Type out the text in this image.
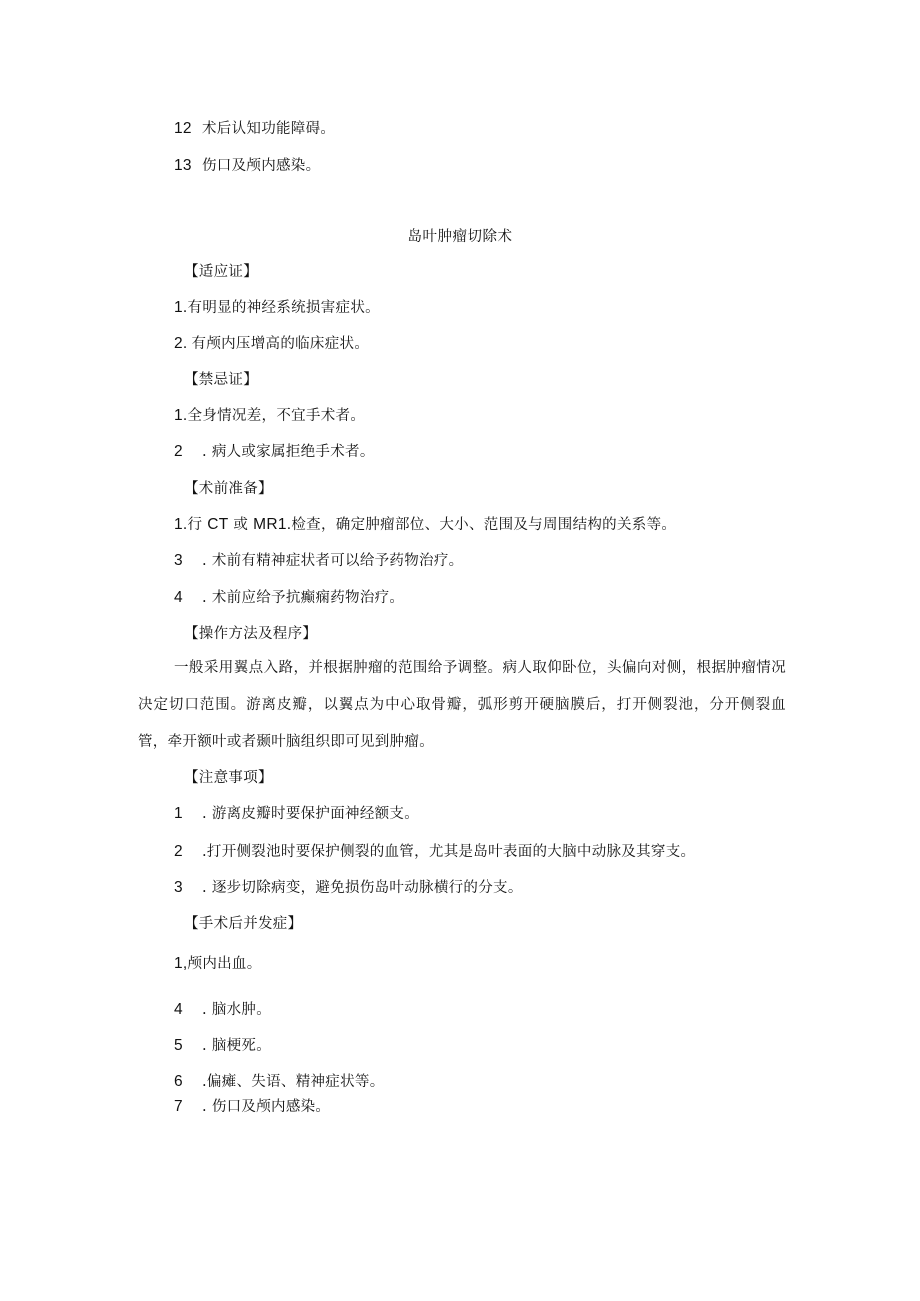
12 术后认知功能障碍。
13 伤口及颅内感染。
岛叶肿瘤切除术
【适应证】
1.有明显的神经系统损害症状。
2. 有颅内压增高的临床症状。
【禁忌证】
1.全身情况差，不宜手术者。
2 . 病人或家属拒绝手术者。
【术前准备】
1.行 CT 或 MR1.检查，确定肿瘤部位、大小、范围及与周围结构的关系等。
3 . 术前有精神症状者可以给予药物治疗。
4 . 术前应给予抗癫痫药物治疗。
【操作方法及程序】
一般采用翼点入路，并根据肿瘤的范围给予调整。病人取仰卧位，头偏向对侧，根据肿瘤情况决定切口范围。游离皮瓣，以翼点为中心取骨瓣，弧形剪开硬脑膜后，打开侧裂池，分开侧裂血管，牵开额叶或者颞叶脑组织即可见到肿瘤。
【注意事项】
1 . 游离皮瓣时要保护面神经额支。
2 .打开侧裂池时要保护侧裂的血管，尤其是岛叶表面的大脑中动脉及其穿支。
3 . 逐步切除病变，避免损伤岛叶动脉横行的分支。
【手术后并发症】
1,颅内出血。
4 . 脑水肿。
5 . 脑梗死。
6 .偏瘫、失语、精神症状等。
7 . 伤口及颅内感染。
